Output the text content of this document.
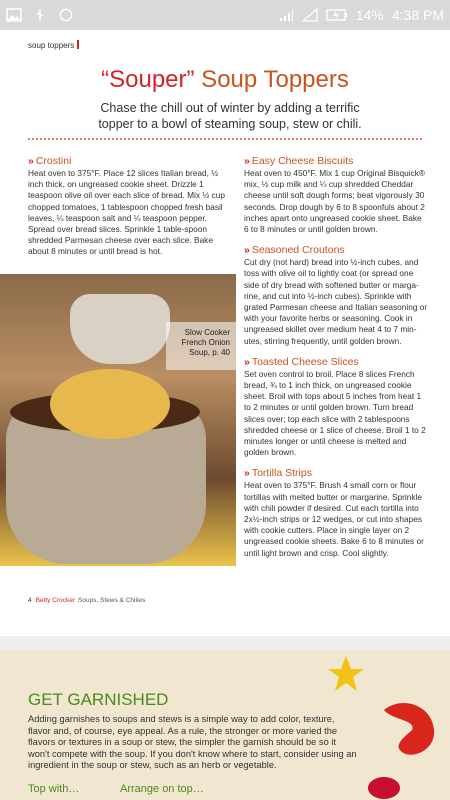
14% 4:38 PM
soup toppers
“Souper” Soup Toppers
Chase the chill out of winter by adding a terrific topper to a bowl of steaming soup, stew or chili.
» Crostini
Heat oven to 375°F. Place 12 slices Italian bread, ½ inch thick, on ungreased cookie sheet. Drizzle 1 teaspoon olive oil over each slice of bread. Mix ½ cup chopped tomatoes, 1 tablespoon chopped fresh basil leaves, ¼ teaspoon salt and ¼ teaspoon pepper. Spread over bread slices. Sprinkle 1 table-spoon shredded Parmesan cheese over each slice. Bake about 8 minutes or until bread is hot.
» Easy Cheese Biscuits
Heat oven to 450°F. Mix 1 cup Original Bisquick® mix, ½ cup milk and ¼ cup shredded Cheddar cheese until soft dough forms; beat vigorously 30 seconds. Drop dough by 6 to 8 spoonfuls about 2 inches apart onto ungreased cookie sheet. Bake 6 to 8 minutes or until golden brown.
» Seasoned Croutons
Cut dry (not hard) bread into ½-inch cubes, and toss with olive oil to lightly coat (or spread one side of dry bread with softened butter or marga-rine, and cut into ½-inch cubes). Sprinkle with grated Parmesan cheese and Italian seasoning or with your favorite herbs or seasoning. Cook in ungreased skillet over medium heat 4 to 7 min-utes, stirring frequently, until golden brown.
» Toasted Cheese Slices
Set oven control to broil. Place 8 slices French bread, ¾ to 1 inch thick, on ungreased cookie sheet. Broil with tops about 5 inches from heat 1 to 2 minutes or until golden brown. Turn bread slices over; top each slice with 2 tablespoons shredded cheese or 1 slice of cheese. Broil 1 to 2 minutes longer or until cheese is melted and golden brown.
» Tortilla Strips
Heat oven to 375°F. Brush 4 small corn or flour tortillas with melted butter or margarine. Sprinkle with chili powder if desired. Cut each tortilla into 2x½-inch strips or 12 wedges, or cut into shapes with cookie cutters. Place in single layer on 2 ungreased cookie sheets. Bake 6 to 8 minutes or until light brown and crisp. Cool slightly.
Slow Cooker French Onion Soup, p. 40
4 Betty Crocker Soups, Stews & Chilies
GET GARNISHED
Adding garnishes to soups and stews is a simple way to add color, texture, flavor and, of course, eye appeal. As a rule, the stronger or more varied the flavors or textures in a soup or stew, the simpler the garnish should be so it won't compete with the soup. If you don't know where to start, consider using an ingredient in the soup or stew, such as an herb or vegetable.
Top with…	Arrange on top…
